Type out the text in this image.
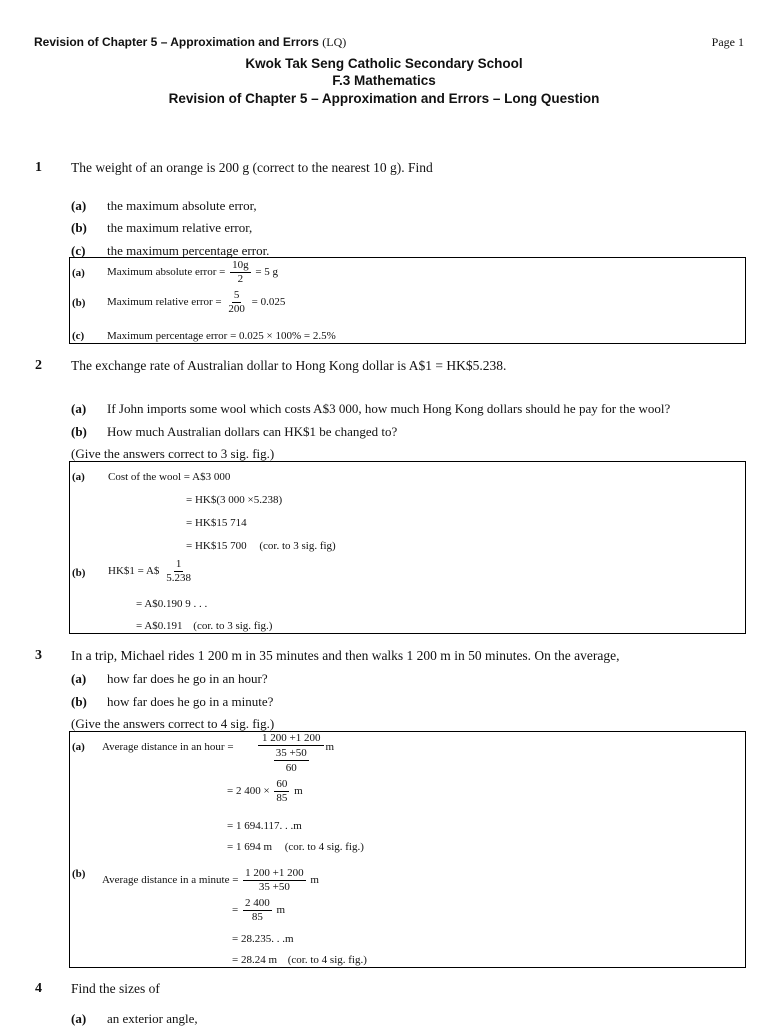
Revision of Chapter 5 – Approximation and Errors (LQ)	Page 1
Kwok Tak Seng Catholic Secondary School
F.3 Mathematics
Revision of Chapter 5 – Approximation and Errors – Long Question
1 The weight of an orange is 200 g (correct to the nearest 10 g). Find
(a) the maximum absolute error,
(b) the maximum relative error,
(c) the maximum percentage error.
(a) Maximum absolute error = $\frac{10g}{2} = 5$ g
(b) Maximum relative error = $\frac{5}{200} = 0.025$
(c) Maximum percentage error = 0.025 × 100% = 2.5%
2 The exchange rate of Australian dollar to Hong Kong dollar is A$1 = HK$5.238.
(a) If John imports some wool which costs A$3 000, how much Hong Kong dollars should he pay for the wool?
(b) How much Australian dollars can HK$1 be changed to?
(Give the answers correct to 3 sig. fig.)
(a) Cost of the wool = A$3 000
= HK$(3 000 ×5.238)
= HK$15 714
= HK$15 700 (cor. to 3 sig. fig)
(b) HK$1 = A$ $\frac{1}{5.238}$
= A$0.190 9 . . .
= A$0.191 (cor. to 3 sig. fig.)
3 In a trip, Michael rides 1 200 m in 35 minutes and then walks 1 200 m in 50 minutes. On the average,
(a) how far does he go in an hour?
(b) how far does he go in a minute?
(Give the answers correct to 4 sig. fig.)
(a) Average distance in an hour = $\frac{1 200 +1 200}{\frac{35 +50}{60}}$ m
= 2 $400 \times \frac{60}{85}$ m
= 1 694.117. . .m
= 1 694 m (cor. to 4 sig. fig.)
(b)
Average distance in a minute = $\frac{1 200 +1 200}{35 +50}$ m
= $\frac{2 400}{85}$ m
= 28.235. . .m
= 28.24 m (cor. to 4 sig. fig.)
4 Find the sizes of
(a) an exterior angle,
